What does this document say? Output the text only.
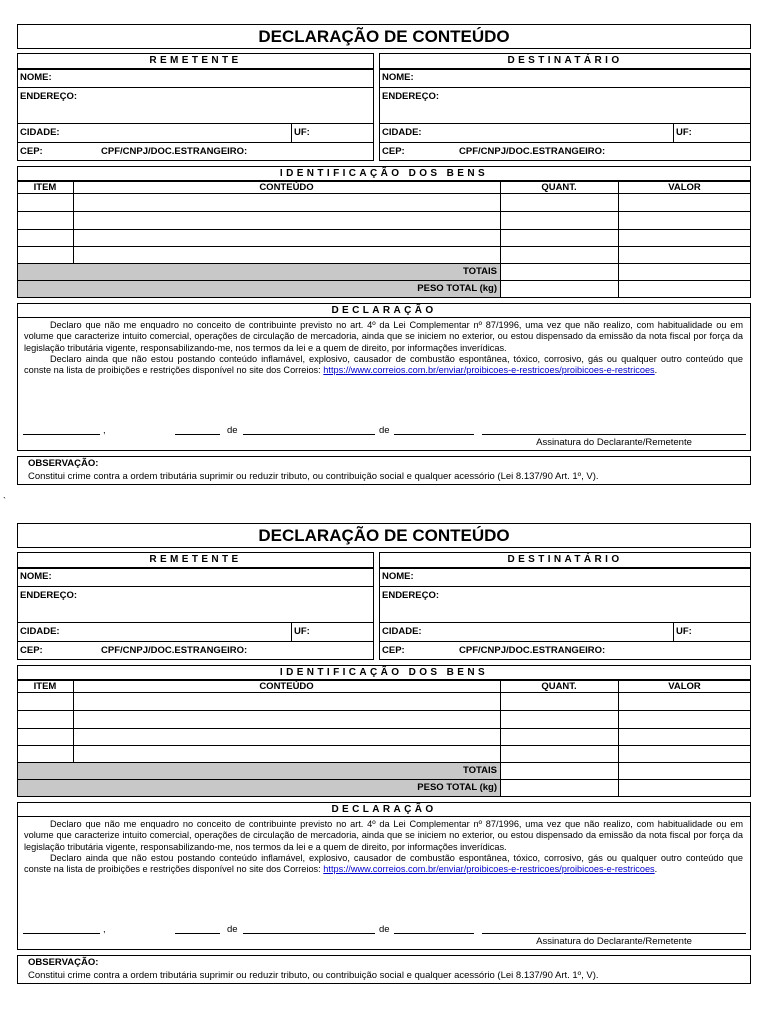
DECLARAÇÃO DE CONTEÚDO
REMETENTE
NOME:
ENDEREÇO:
CIDADE:	UF:
CEP:	CPF/CNPJ/DOC.ESTRANGEIRO:
DESTINATÁRIO
NOME:
ENDEREÇO:
CIDADE:	UF:
CEP:	CPF/CNPJ/DOC.ESTRANGEIRO:
IDENTIFICAÇÃO DOS BENS
ITEM	CONTEÚDO	QUANT.	VALOR
TOTAIS
PESO TOTAL (kg)
DECLARAÇÃO

Declaro que não me enquadro no conceito de contribuinte previsto no art. 4º da Lei Complementar nº 87/1996, uma vez que não realizo, com habitualidade ou em volume que caracterize intuito comercial, operações de circulação de mercadoria, ainda que se iniciem no exterior, ou estou dispensado da emissão da nota fiscal por força da legislação tributária vigente, responsabilizando-me, nos termos da lei e a quem de direito, por informações inverídicas.

Declaro ainda que não estou postando conteúdo inflamável, explosivo, causador de combustão espontânea, tóxico, corrosivo, gás ou qualquer outro conteúdo que conste na lista de proibições e restrições disponível no site dos Correios: https://www.correios.com.br/enviar/proibicoes-e-restricoes/proibicoes-e-restricoes.

,	de	de
Assinatura do Declarante/Remetente
OBSERVAÇÃO:
Constitui crime contra a ordem tributária suprimir ou reduzir tributo, ou contribuição social e qualquer acessório (Lei 8.137/90 Art. 1º, V).
DECLARAÇÃO DE CONTEÚDO
REMETENTE
NOME:
ENDEREÇO:
CIDADE:	UF:
CEP:	CPF/CNPJ/DOC.ESTRANGEIRO:
DESTINATÁRIO
NOME:
ENDEREÇO:
CIDADE:	UF:
CEP:	CPF/CNPJ/DOC.ESTRANGEIRO:
IDENTIFICAÇÃO DOS BENS
ITEM	CONTEÚDO	QUANT.	VALOR
TOTAIS
PESO TOTAL (kg)
DECLARAÇÃO

Declaro que não me enquadro no conceito de contribuinte previsto no art. 4º da Lei Complementar nº 87/1996, uma vez que não realizo, com habitualidade ou em volume que caracterize intuito comercial, operações de circulação de mercadoria, ainda que se iniciem no exterior, ou estou dispensado da emissão da nota fiscal por força da legislação tributária vigente, responsabilizando-me, nos termos da lei e a quem de direito, por informações inverídicas.

Declaro ainda que não estou postando conteúdo inflamável, explosivo, causador de combustão espontânea, tóxico, corrosivo, gás ou qualquer outro conteúdo que conste na lista de proibições e restrições disponível no site dos Correios: https://www.correios.com.br/enviar/proibicoes-e-restricoes/proibicoes-e-restricoes.

,	de	de
Assinatura do Declarante/Remetente
OBSERVAÇÃO:
Constitui crime contra a ordem tributária suprimir ou reduzir tributo, ou contribuição social e qualquer acessório (Lei 8.137/90 Art. 1º, V).
`
